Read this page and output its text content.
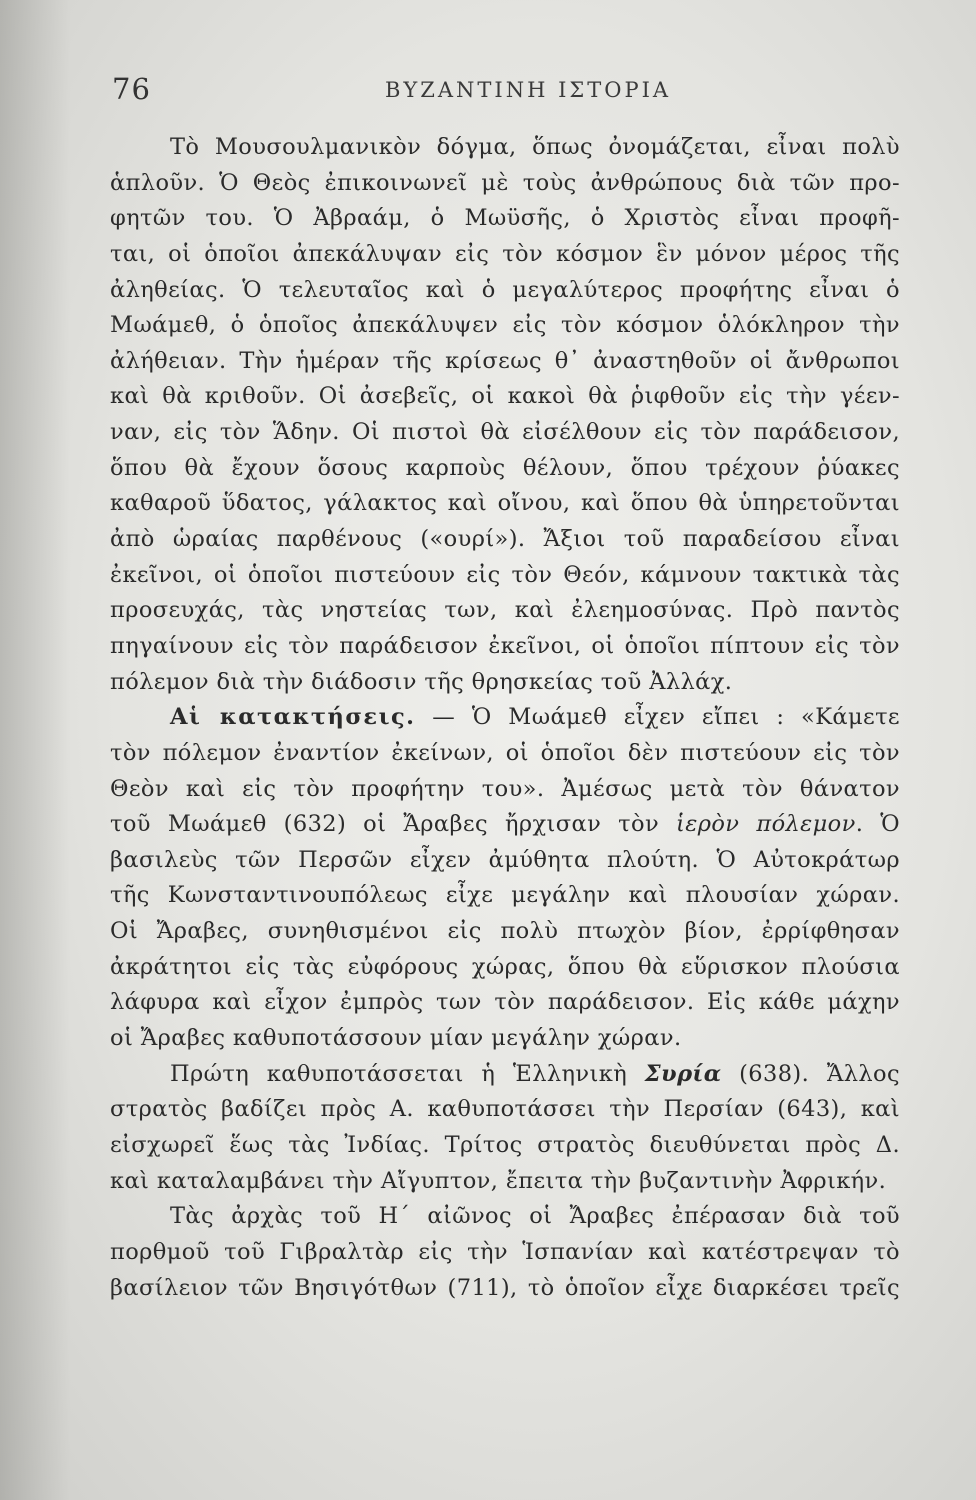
76	ΒΥΖΑΝΤΙΝΗ ΙΣΤΟΡΙΑ
Τὸ Μουσουλμανικὸν δόγμα, ὅπως ὀνομάζεται, εἶναι πολὺ
ἁπλοῦν. Ὁ Θεὸς ἐπικοινωνεῖ μὲ τοὺς ἀνθρώπους διὰ τῶν προ-
φητῶν του. Ὁ Ἀβραάμ, ὁ Μωϋσῆς, ὁ Χριστὸς εἶναι προφῆ-
ται, οἱ ὁποῖοι ἀπεκάλυψαν εἰς τὸν κόσμον ἓν μόνον μέρος τῆς
ἀληθείας. Ὁ τελευταῖος καὶ ὁ μεγαλύτερος προφήτης εἶναι ὁ
Μωάμεθ, ὁ ὁποῖος ἀπεκάλυψεν εἰς τὸν κόσμον ὁλόκληρον τὴν
ἀλήθειαν. Τὴν ἡμέραν τῆς κρίσεως θ᾽ ἀναστηθοῦν οἱ ἄνθρωποι
καὶ θὰ κριθοῦν. Οἱ ἀσεβεῖς, οἱ κακοὶ θὰ ῥιφθοῦν εἰς τὴν γέεν-
ναν, εἰς τὸν Ἅδην. Οἱ πιστοὶ θὰ εἰσέλθουν εἰς τὸν παράδεισον,
ὅπου θὰ ἔχουν ὅσους καρποὺς θέλουν, ὅπου τρέχουν ῥύακες
καθαροῦ ὕδατος, γάλακτος καὶ οἴνου, καὶ ὅπου θὰ ὑπηρετοῦνται
ἀπὸ ὡραίας παρθένους («ουρί»). Ἄξιοι τοῦ παραδείσου εἶναι
ἐκεῖνοι, οἱ ὁποῖοι πιστεύουν εἰς τὸν Θεόν, κάμνουν τακτικὰ τὰς
προσευχάς, τὰς νηστείας των, καὶ ἐλεημοσύνας. Πρὸ παντὸς
πηγαίνουν εἰς τὸν παράδεισον ἐκεῖνοι, οἱ ὁποῖοι πίπτουν εἰς τὸν
πόλεμον διὰ τὴν διάδοσιν τῆς θρησκείας τοῦ Ἀλλάχ.
Αἱ κατακτήσεις. — Ὁ Μωάμεθ εἶχεν εἴπει : «Κάμετε
τὸν πόλεμον ἐναντίον ἐκείνων, οἱ ὁποῖοι δὲν πιστεύουν εἰς τὸν
Θεὸν καὶ εἰς τὸν προφήτην του». Ἀμέσως μετὰ τὸν θάνατον
τοῦ Μωάμεθ (632) οἱ Ἄραβες ἤρχισαν τὸν ἱερὸν πόλεμον. Ὁ
βασιλεὺς τῶν Περσῶν εἶχεν ἀμύθητα πλούτη. Ὁ Αὐτοκράτωρ
τῆς Κωνσταντινουπόλεως εἶχε μεγάλην καὶ πλουσίαν χώραν.
Οἱ Ἄραβες, συνηθισμένοι εἰς πολὺ πτωχὸν βίον, ἐρρίφθησαν
ἀκράτητοι εἰς τὰς εὐφόρους χώρας, ὅπου θὰ εὕρισκον πλούσια
λάφυρα καὶ εἶχον ἐμπρὸς των τὸν παράδεισον. Εἰς κάθε μάχην
οἱ Ἄραβες καθυποτάσσουν μίαν μεγάλην χώραν.
Πρώτη καθυποτάσσεται ἡ Ἑλληνικὴ Συρία (638). Ἄλλος
στρατὸς βαδίζει πρὸς Α. καθυποτάσσει τὴν Περσίαν (643), καὶ
εἰσχωρεῖ ἕως τὰς Ἰνδίας. Τρίτος στρατὸς διευθύνεται πρὸς Δ.
καὶ καταλαμβάνει τὴν Αἴγυπτον, ἔπειτα τὴν βυζαντινὴν Ἀφρικήν.
Τὰς ἀρχὰς τοῦ Η΄ αἰῶνος οἱ Ἄραβες ἐπέρασαν διὰ τοῦ
πορθμοῦ τοῦ Γιβραλτὰρ εἰς τὴν Ἱσπανίαν καὶ κατέστρεψαν τὸ
βασίλειον τῶν Βησιγότθων (711), τὸ ὁποῖον εἶχε διαρκέσει τρεῖς
